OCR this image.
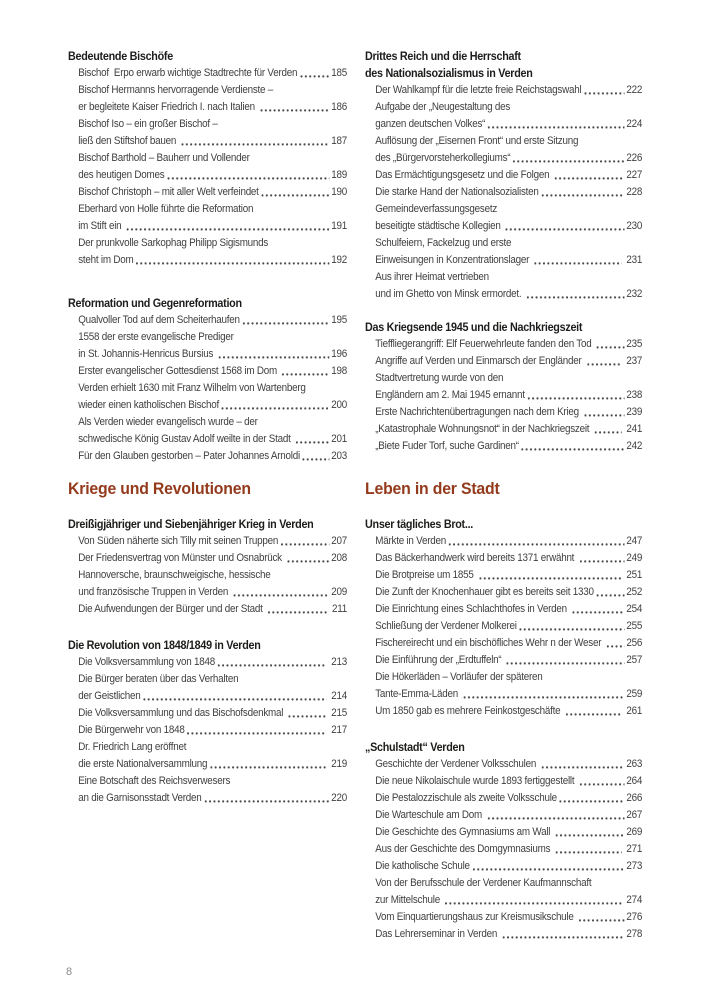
Bedeutende Bischöfe
Bischof  Erpo erwarb wichtige Stadtrechte für Verden	185
Bischof Hermanns hervorragende Verdienste –
er begleitete Kaiser Friedrich I. nach Italien	186
Bischof Iso – ein großer Bischof –
ließ den Stiftshof bauen	187
Bischof Barthold – Bauherr und Vollender
des heutigen Domes	189
Bischof Christoph – mit aller Welt verfeindet	190
Eberhard von Holle führte die Reformation
im Stift ein	191
Der prunkvolle Sarkophag Philipp Sigismunds
steht im Dom	192
Reformation und Gegenreformation
Qualvoller Tod auf dem Scheiterhaufen	195
1558 der erste evangelische Prediger
in St. Johannis-Henricus Bursius	196
Erster evangelischer Gottesdienst 1568 im Dom	198
Verden erhielt 1630 mit Franz Wilhelm von Wartenberg
wieder einen katholischen Bischof	200
Als Verden wieder evangelisch wurde – der
schwedische König Gustav Adolf weilte in der Stadt	201
Für den Glauben gestorben – Pater Johannes Arnoldi	203
Drittes Reich und die Herrschaft
des Nationalsozialismus in Verden
Der Wahlkampf für die letzte freie Reichstagswahl	222
Aufgabe der „Neugestaltung des
ganzen deutschen Volkes“	224
Auflösung der „Eisernen Front“ und erste Sitzung
des „Bürgervorsteherkollegiums“	226
Das Ermächtigungsgesetz und die Folgen	227
Die starke Hand der Nationalsozialisten	228
Gemeindeverfassungsgesetz
beseitigte städtische Kollegien	230
Schulfeiern, Fackelzug und erste
Einweisungen in Konzentrationslager	231
Aus ihrer Heimat vertrieben
und im Ghetto von Minsk ermordet.	232
Das Kriegsende 1945 und die Nachkriegszeit
Tieffliegerangriff: Elf Feuerwehrleute fanden den Tod	235
Angriffe auf Verden und Einmarsch der Engländer	237
Stadtvertretung wurde von den
Engländern am 2. Mai 1945 ernannt	238
Erste Nachrichtenübertragungen nach dem Krieg	239
„Katastrophale Wohnungsnot“ in der Nachkriegszeit	241
„Biete Fuder Torf, suche Gardinen“	242
Kriege und Revolutionen
Dreißigjähriger und Siebenjähriger Krieg in Verden
Von Süden näherte sich Tilly mit seinen Truppen	207
Der Friedensvertrag von Münster und Osnabrück	208
Hannoversche, braunschweigische, hessische
und französische Truppen in Verden	209
Die Aufwendungen der Bürger und der Stadt	211
Die Revolution von 1848/1849 in Verden
Die Volksversammlung von 1848	213
Die Bürger beraten über das Verhalten
der Geistlichen	214
Die Volksversammlung und das Bischofsdenkmal	215
Die Bürgerwehr von 1848	217
Dr. Friedrich Lang eröffnet
die erste Nationalversammlung	219
Eine Botschaft des Reichsverwesers
an die Garnisonsstadt Verden	220
Leben in der Stadt
Unser tägliches Brot...
Märkte in Verden	247
Das Bäckerhandwerk wird bereits 1371 erwähnt	249
Die Brotpreise um 1855	251
Die Zunft der Knochenhauer gibt es bereits seit 1330	252
Die Einrichtung eines Schlachthofes in Verden	254
Schließung der Verdener Molkerei	255
Fischereirecht und ein bischöfliches Wehr n der Weser 256
Die Einführung der „Erdtuffeln“	257
Die Hökerläden – Vorläufer der späteren
Tante-Emma-Läden	259
Um 1850 gab es mehrere Feinkostgeschäfte	261
„Schulstadt“ Verden
Geschichte der Verdener Volksschulen	263
Die neue Nikolaischule wurde 1893 fertiggestellt	264
Die Pestalozzischule als zweite Volksschule	266
Die Warteschule am Dom	267
Die Geschichte des Gymnasiums am Wall	269
Aus der Geschichte des Domgymnasiums	271
Die katholische Schule	273
Von der Berufsschule der Verdener Kaufmannschaft
zur Mittelschule	274
Vom Einquartierungshaus zur Kreismusikschule	276
Das Lehrerseminar in Verden	278
8
